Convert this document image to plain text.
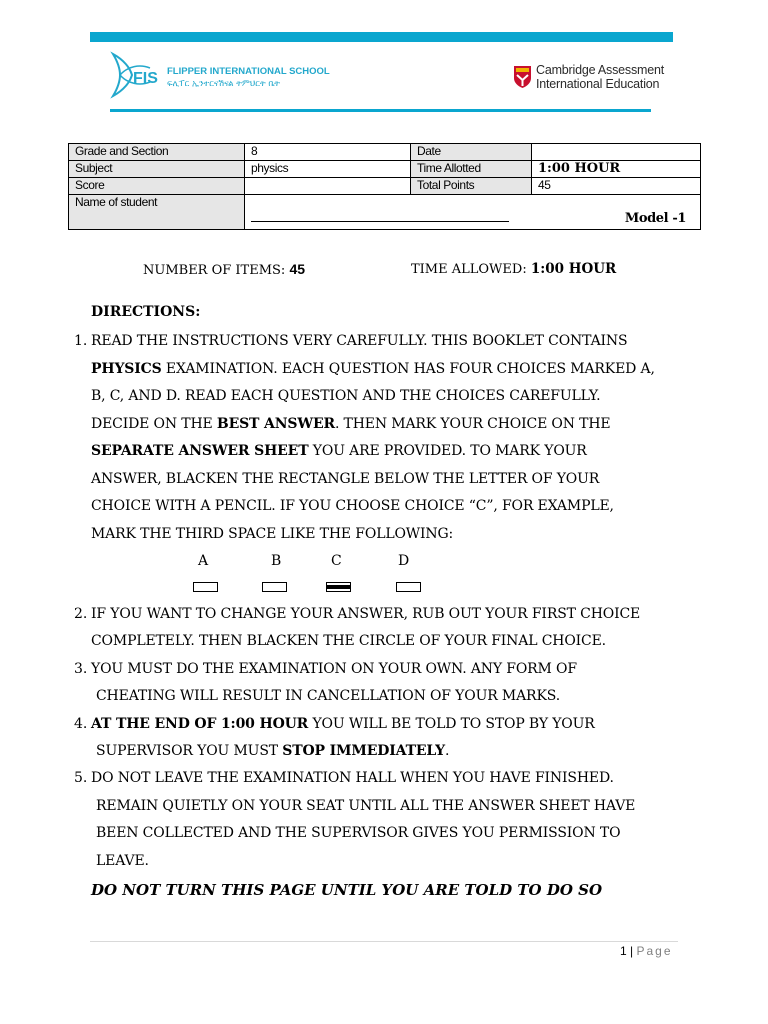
FIS FLIPPER INTERNATIONAL SCHOOL
ፍሊፐር ኢንተርናሽናል ትምህርት ቤት
Cambridge Assessment
International Education
Grade and Section	8	Date	
Subject	physics	Time Allotted	1:00 HOUR
Score		Total Points	45
Name of student	Model -1		
NUMBER OF ITEMS: 45	TIME ALLOWED: 1:00 HOUR
DIRECTIONS:
1. READ THE INSTRUCTIONS VERY CAREFULLY. THIS BOOKLET CONTAINS
PHYSICS EXAMINATION. EACH QUESTION HAS FOUR CHOICES MARKED A,
B, C, AND D. READ EACH QUESTION AND THE CHOICES CAREFULLY.
DECIDE ON THE BEST ANSWER. THEN MARK YOUR CHOICE ON THE
SEPARATE ANSWER SHEET YOU ARE PROVIDED. TO MARK YOUR
ANSWER, BLACKEN THE RECTANGLE BELOW THE LETTER OF YOUR
CHOICE WITH A PENCIL. IF YOU CHOOSE CHOICE “C”, FOR EXAMPLE,
MARK THE THIRD SPACE LIKE THE FOLLOWING:
A	B	C	D
2. IF YOU WANT TO CHANGE YOUR ANSWER, RUB OUT YOUR FIRST CHOICE
COMPLETELY. THEN BLACKEN THE CIRCLE OF YOUR FINAL CHOICE.
3. YOU MUST DO THE EXAMINATION ON YOUR OWN. ANY FORM OF
CHEATING WILL RESULT IN CANCELLATION OF YOUR MARKS.
4. AT THE END OF 1:00 HOUR YOU WILL BE TOLD TO STOP BY YOUR
SUPERVISOR YOU MUST STOP IMMEDIATELY.
5. DO NOT LEAVE THE EXAMINATION HALL WHEN YOU HAVE FINISHED.
REMAIN QUIETLY ON YOUR SEAT UNTIL ALL THE ANSWER SHEET HAVE
BEEN COLLECTED AND THE SUPERVISOR GIVES YOU PERMISSION TO
LEAVE.
DO NOT TURN THIS PAGE UNTIL YOU ARE TOLD TO DO SO
1 | Page
